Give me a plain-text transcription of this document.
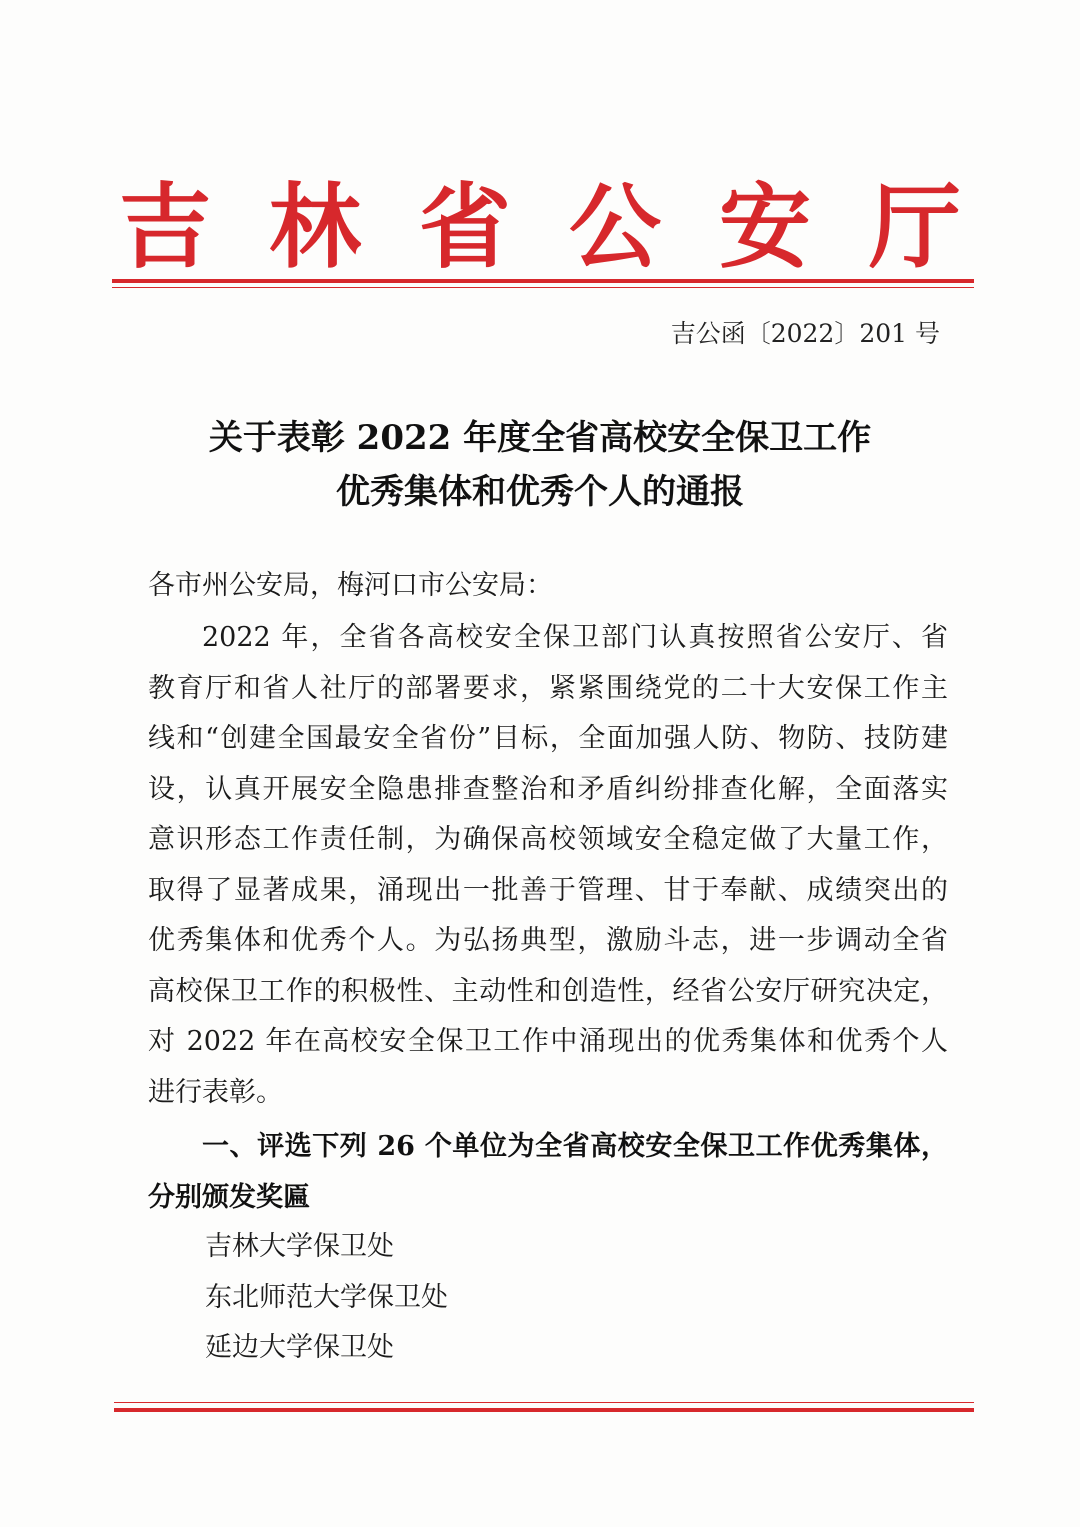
吉 林 省 公 安 厅
吉公函〔2022〕201 号
关于表彰 2022 年度全省高校安全保卫工作
优秀集体和优秀个人的通报
各市州公安局，梅河口市公安局：
2022 年，全省各高校安全保卫部门认真按照省公安厅、省
教育厅和省人社厅的部署要求，紧紧围绕党的二十大安保工作主
线和“创建全国最安全省份”目标，全面加强人防、物防、技防建
设，认真开展安全隐患排查整治和矛盾纠纷排查化解，全面落实
意识形态工作责任制，为确保高校领域安全稳定做了大量工作，
取得了显著成果，涌现出一批善于管理、甘于奉献、成绩突出的
优秀集体和优秀个人。为弘扬典型，激励斗志，进一步调动全省
高校保卫工作的积极性、主动性和创造性，经省公安厅研究决定，
对 2022 年在高校安全保卫工作中涌现出的优秀集体和优秀个人
进行表彰。
一、评选下列 26 个单位为全省高校安全保卫工作优秀集体，
分别颁发奖匾
吉林大学保卫处
东北师范大学保卫处
延边大学保卫处
